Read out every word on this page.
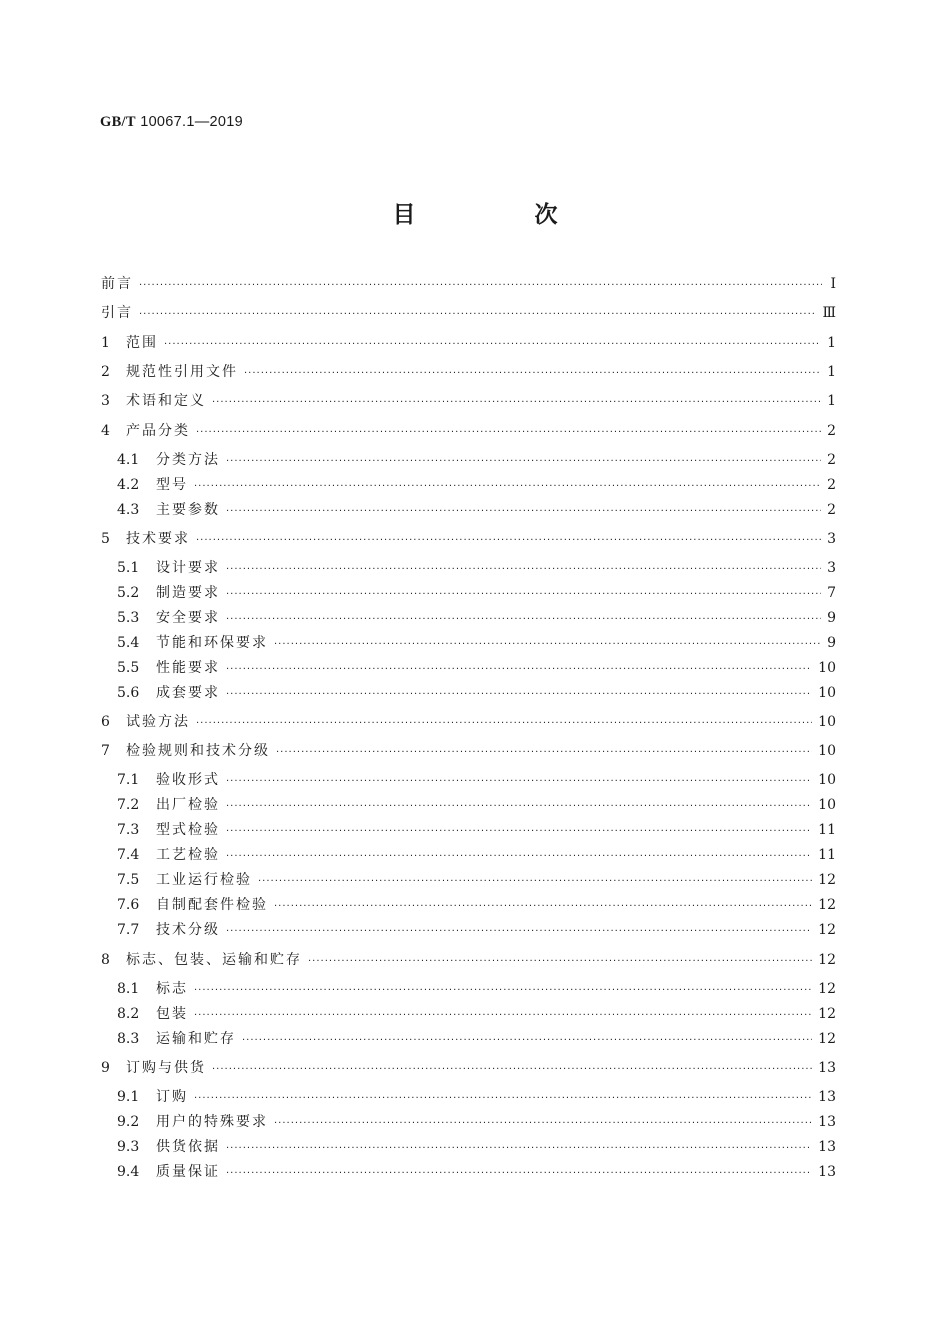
GB/T 10067.1—2019
目　次
前言 ·····	Ⅰ
引言 ·····	Ⅲ
1	范围 ·····	1
2	规范性引用文件 ·····	1
3	术语和定义 ·····	1
4	产品分类 ·····	2
4.1	分类方法 ·····	2
4.2	型号 ·····	2
4.3	主要参数 ·····	2
5	技术要求 ·····	3
5.1	设计要求 ·····	3
5.2	制造要求 ·····	7
5.3	安全要求 ·····	9
5.4	节能和环保要求 ·····	9
5.5	性能要求 ·····	10
5.6	成套要求 ·····	10
6	试验方法 ·····	10
7	检验规则和技术分级 ·····	10
7.1	验收形式 ·····	10
7.2	出厂检验 ·····	10
7.3	型式检验 ·····	11
7.4	工艺检验 ·····	11
7.5	工业运行检验 ·····	12
7.6	自制配套件检验 ·····	12
7.7	技术分级 ·····	12
8	标志、包装、运输和贮存 ·····	12
8.1	标志 ·····	12
8.2	包装 ·····	12
8.3	运输和贮存 ·····	12
9	订购与供货 ·····	13
9.1	订购 ·····	13
9.2	用户的特殊要求 ·····	13
9.3	供货依据 ·····	13
9.4	质量保证 ·····	13
